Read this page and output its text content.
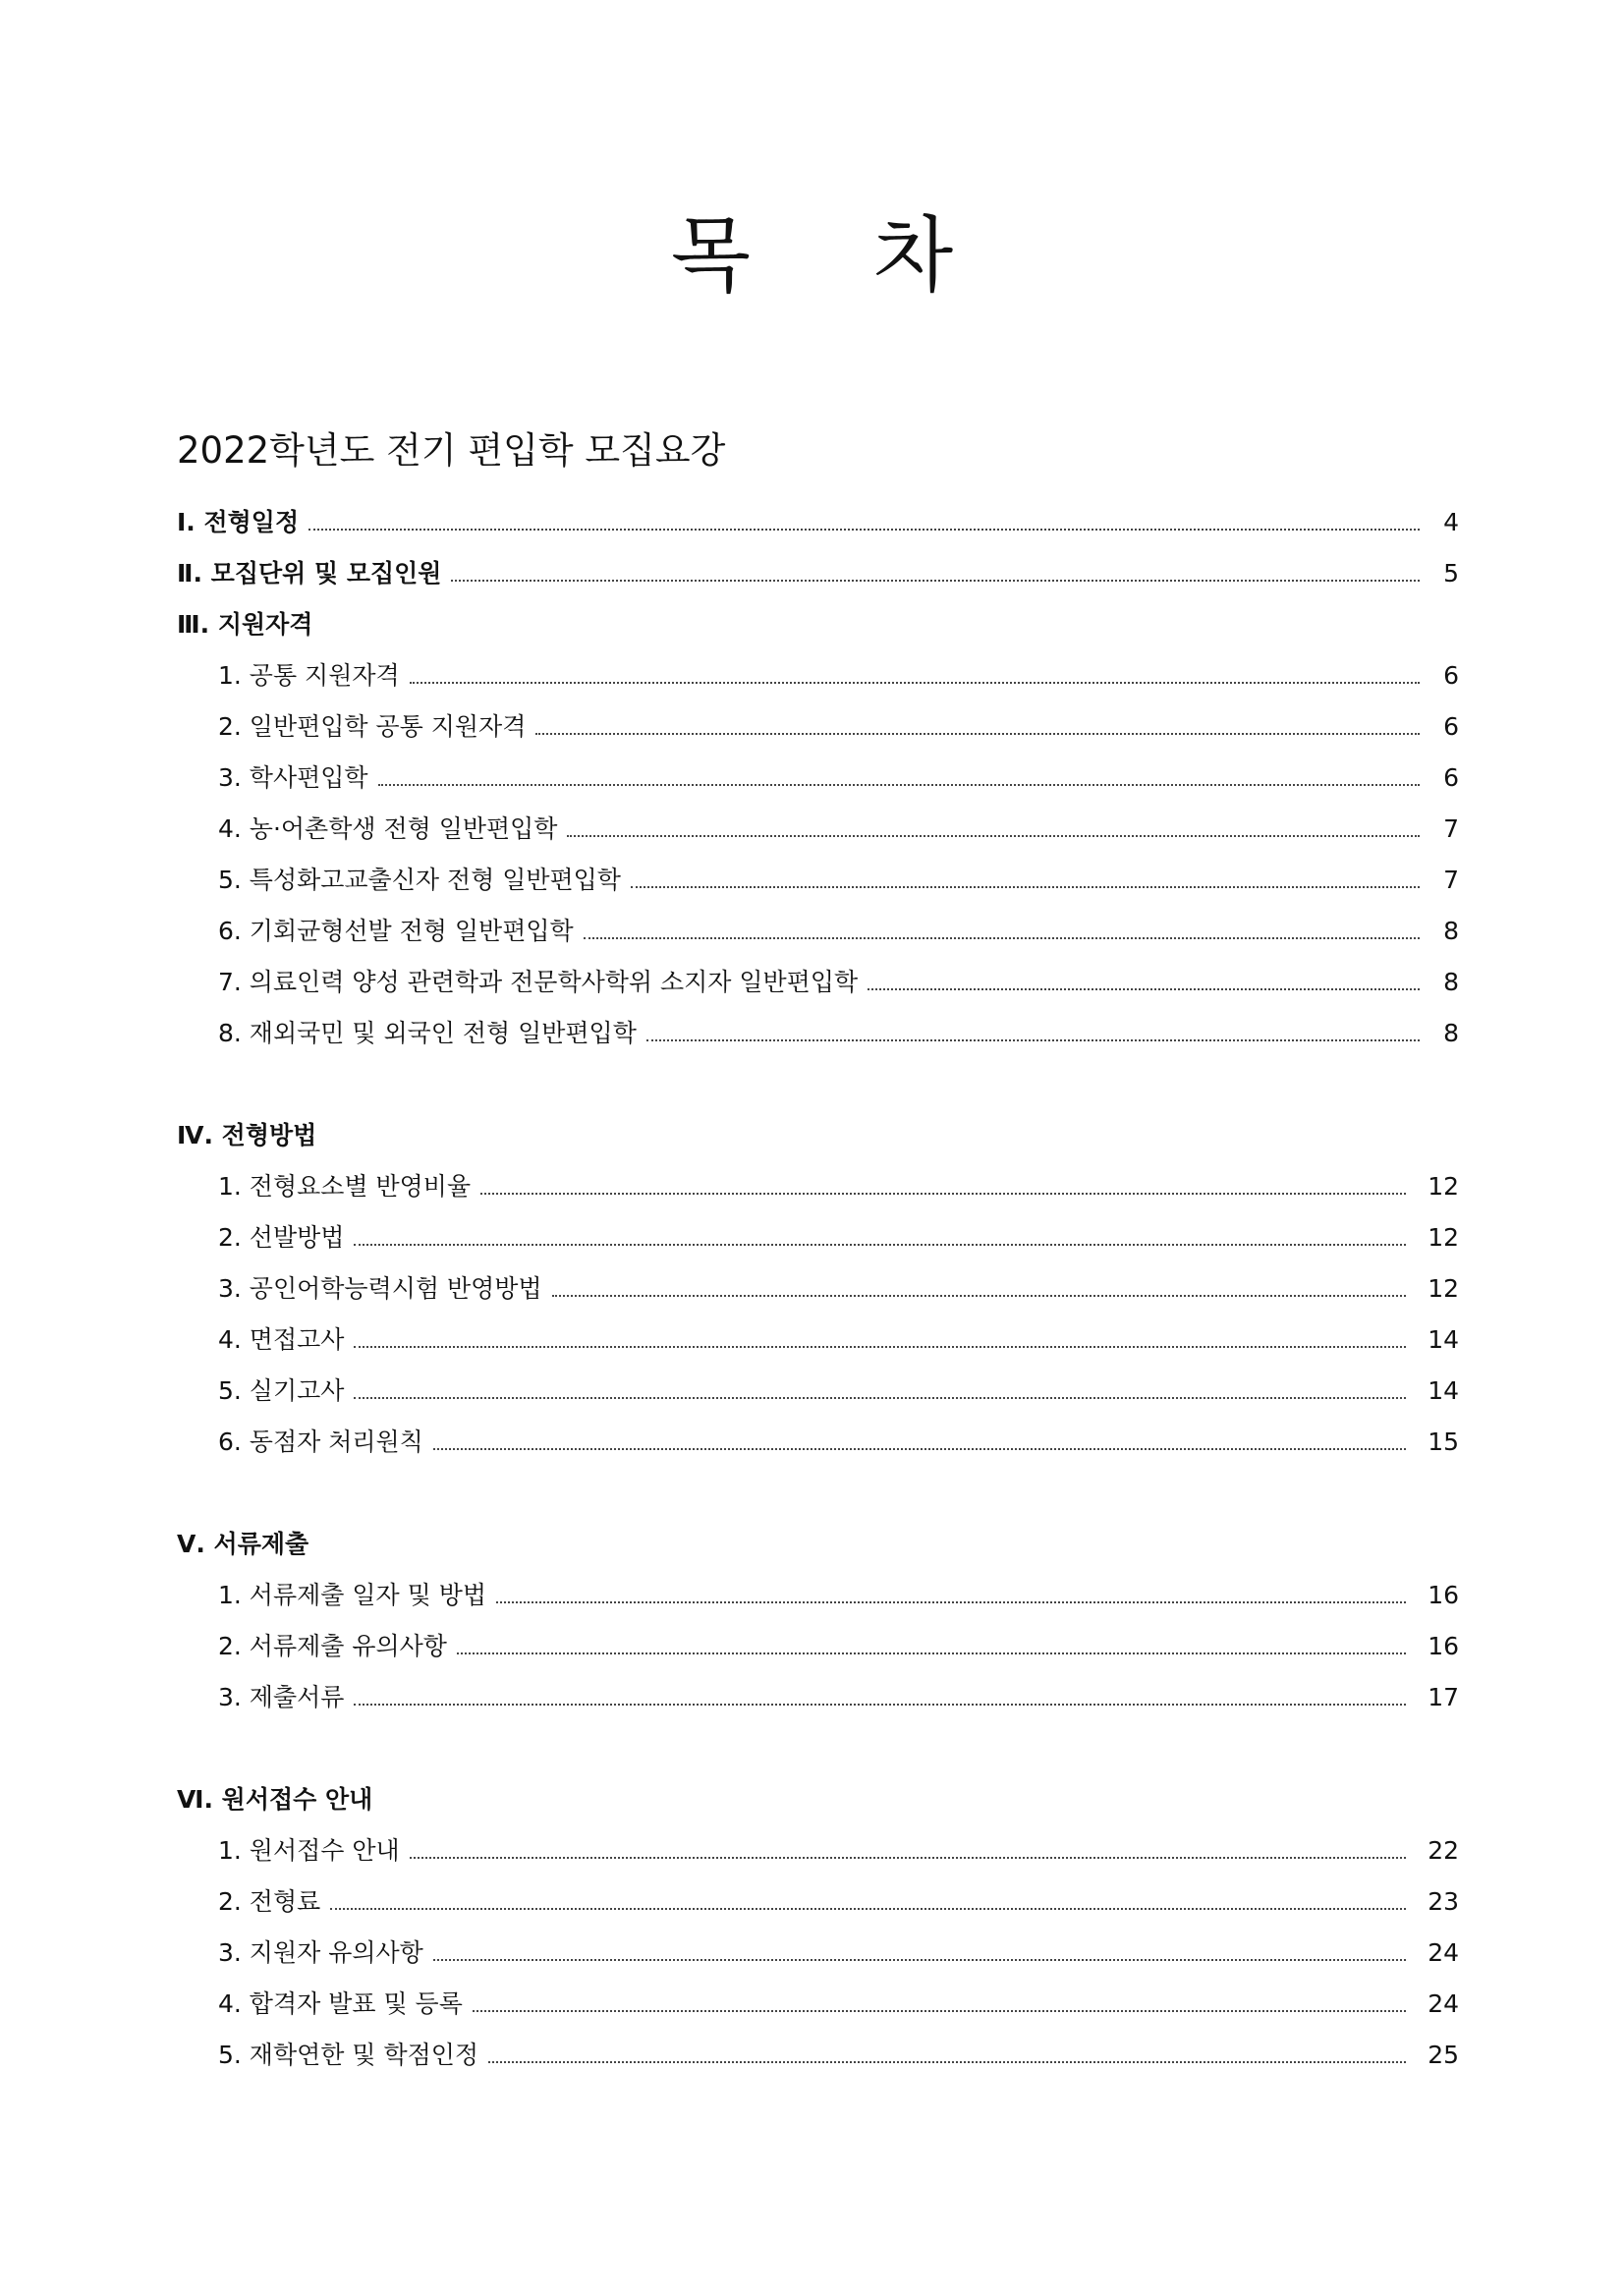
목 차
2022학년도 전기 편입학 모집요강
Ⅰ. 전형일정	4
Ⅱ. 모집단위 및 모집인원	5
Ⅲ. 지원자격
1. 공통 지원자격	6
2. 일반편입학 공통 지원자격	6
3. 학사편입학	6
4. 농·어촌학생 전형 일반편입학	7
5. 특성화고교출신자 전형 일반편입학	7
6. 기회균형선발 전형 일반편입학	8
7. 의료인력 양성 관련학과 전문학사학위 소지자 일반편입학	8
8. 재외국민 및 외국인 전형 일반편입학	8
Ⅳ. 전형방법
1. 전형요소별 반영비율	12
2. 선발방법	12
3. 공인어학능력시험 반영방법	12
4. 면접고사	14
5. 실기고사	14
6. 동점자 처리원칙	15
Ⅴ. 서류제출
1. 서류제출 일자 및 방법	16
2. 서류제출 유의사항	16
3. 제출서류	17
Ⅵ. 원서접수 안내
1. 원서접수 안내	22
2. 전형료	23
3. 지원자 유의사항	24
4. 합격자 발표 및 등록	24
5. 재학연한 및 학점인정	25
